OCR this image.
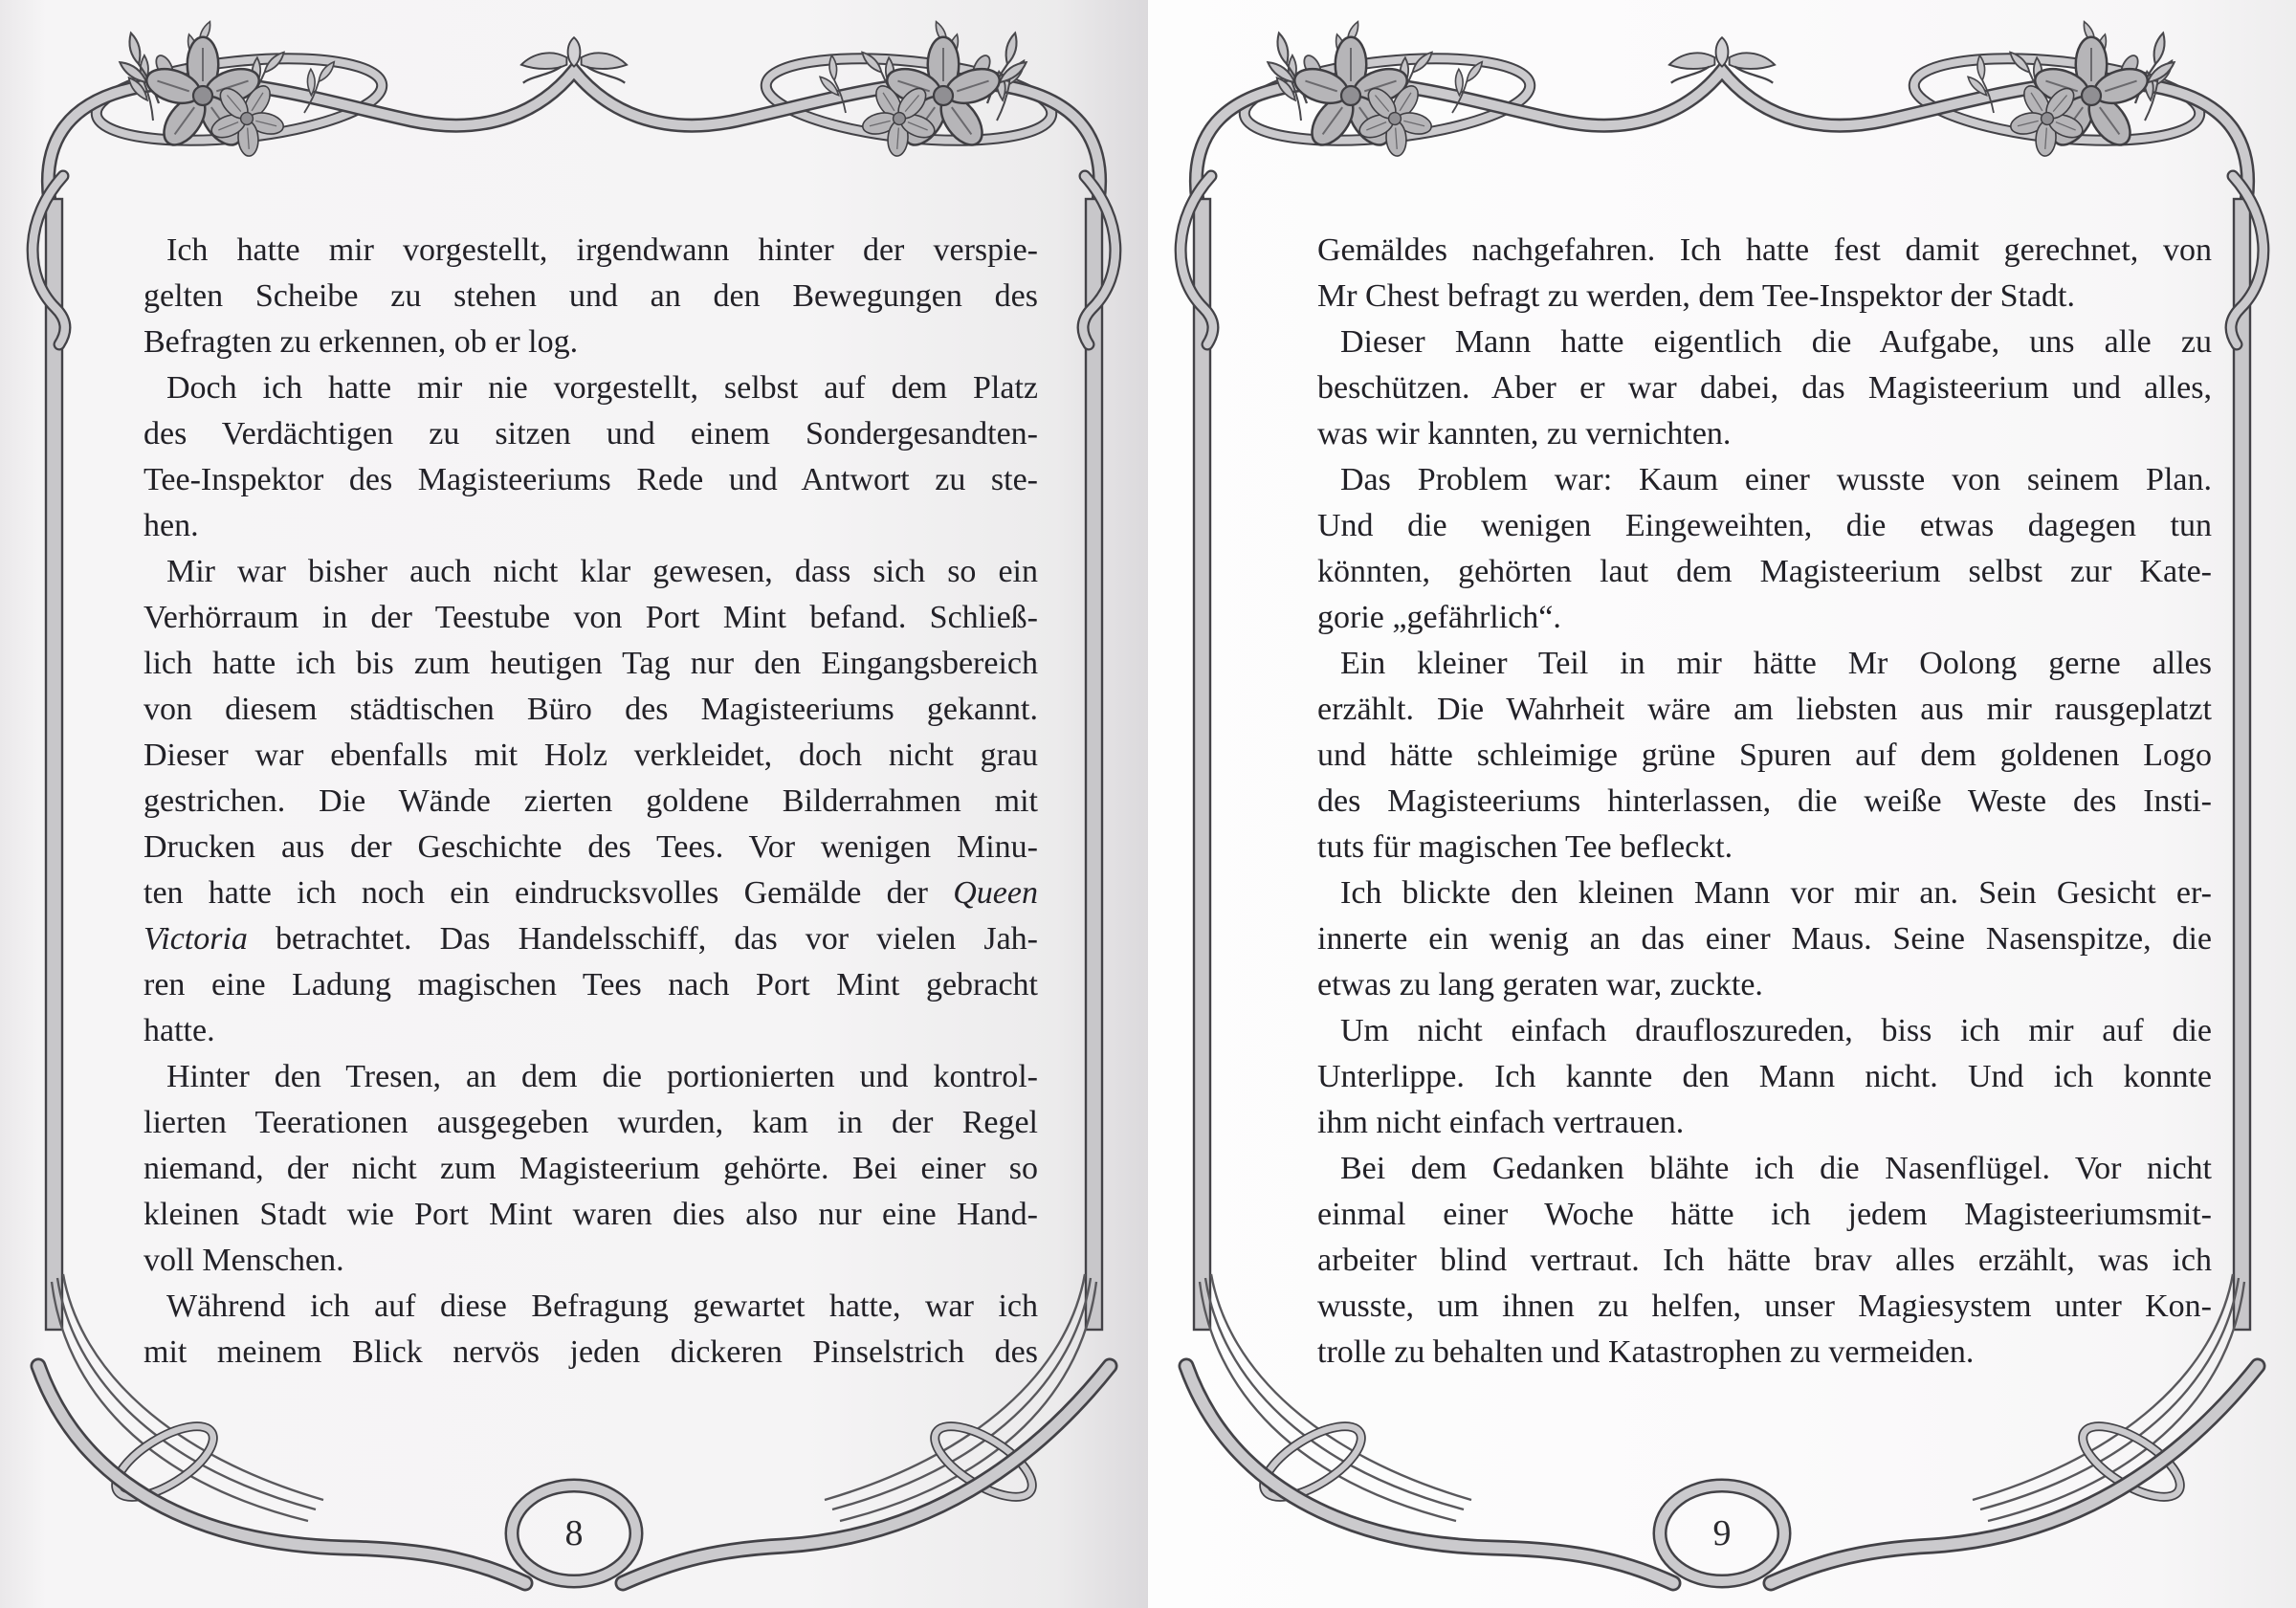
Ich hatte mir vorgestellt, irgendwann hinter der verspie-
gelten Scheibe zu stehen und an den Bewegungen des
Befragten zu erkennen, ob er log.
Doch ich hatte mir nie vorgestellt, selbst auf dem Platz
des Verdächtigen zu sitzen und einem Sondergesandten-
Tee-Inspektor des Magisteeriums Rede und Antwort zu ste-
hen.
Mir war bisher auch nicht klar gewesen, dass sich so ein
Verhörraum in der Teestube von Port Mint befand. Schließ-
lich hatte ich bis zum heutigen Tag nur den Eingangsbereich
von diesem städtischen Büro des Magisteeriums gekannt.
Dieser war ebenfalls mit Holz verkleidet, doch nicht grau
gestrichen. Die Wände zierten goldene Bilderrahmen mit
Drucken aus der Geschichte des Tees. Vor wenigen Minu-
ten hatte ich noch ein eindrucksvolles Gemälde der Queen
Victoria betrachtet. Das Handelsschiff, das vor vielen Jah-
ren eine Ladung magischen Tees nach Port Mint gebracht
hatte.
Hinter den Tresen, an dem die portionierten und kontrol-
lierten Teerationen ausgegeben wurden, kam in der Regel
niemand, der nicht zum Magisteerium gehörte. Bei einer so
kleinen Stadt wie Port Mint waren dies also nur eine Hand-
voll Menschen.
Während ich auf diese Befragung gewartet hatte, war ich
mit meinem Blick nervös jeden dickeren Pinselstrich des
8
Gemäldes nachgefahren. Ich hatte fest damit gerechnet, von
Mr Chest befragt zu werden, dem Tee-Inspektor der Stadt.
Dieser Mann hatte eigentlich die Aufgabe, uns alle zu
beschützen. Aber er war dabei, das Magisteerium und alles,
was wir kannten, zu vernichten.
Das Problem war: Kaum einer wusste von seinem Plan.
Und die wenigen Eingeweihten, die etwas dagegen tun
könnten, gehörten laut dem Magisteerium selbst zur Kate-
gorie „gefährlich“.
Ein kleiner Teil in mir hätte Mr Oolong gerne alles
erzählt. Die Wahrheit wäre am liebsten aus mir rausgeplatzt
und hätte schleimige grüne Spuren auf dem goldenen Logo
des Magisteeriums hinterlassen, die weiße Weste des Insti-
tuts für magischen Tee befleckt.
Ich blickte den kleinen Mann vor mir an. Sein Gesicht er-
innerte ein wenig an das einer Maus. Seine Nasenspitze, die
etwas zu lang geraten war, zuckte.
Um nicht einfach draufloszureden, biss ich mir auf die
Unterlippe. Ich kannte den Mann nicht. Und ich konnte
ihm nicht einfach vertrauen.
Bei dem Gedanken blähte ich die Nasenflügel. Vor nicht
einmal einer Woche hätte ich jedem Magisteeriumsmit-
arbeiter blind vertraut. Ich hätte brav alles erzählt, was ich
wusste, um ihnen zu helfen, unser Magiesystem unter Kon-
trolle zu behalten und Katastrophen zu vermeiden.
9
